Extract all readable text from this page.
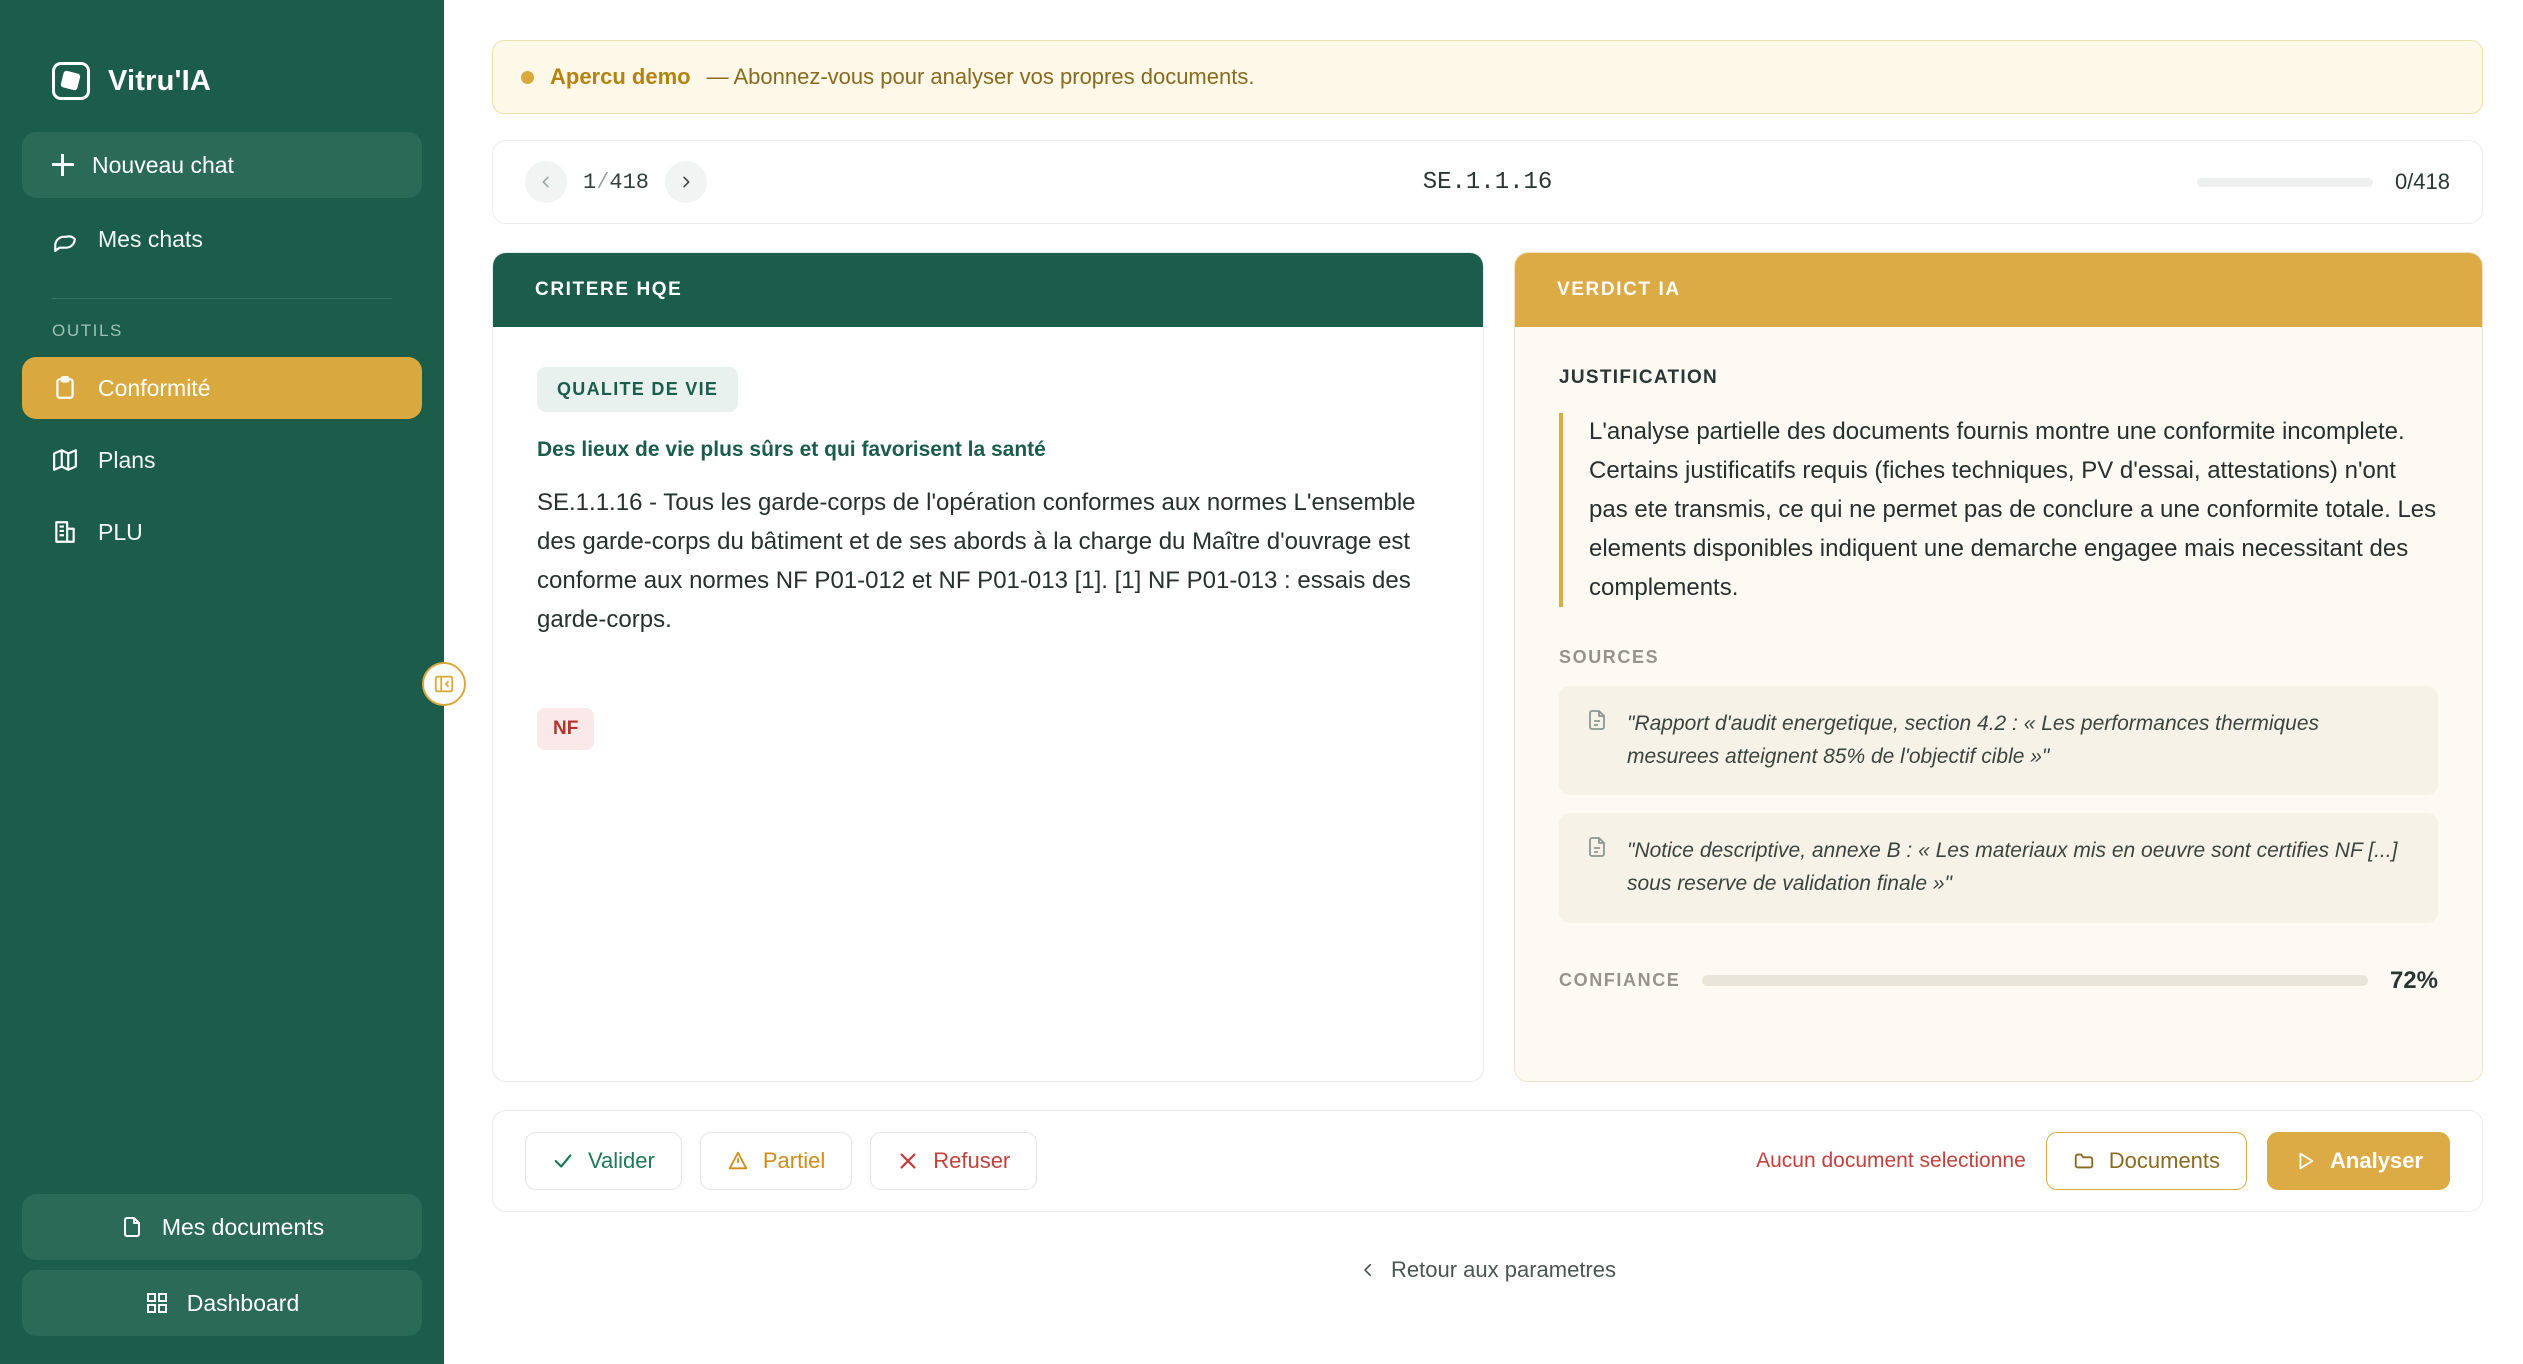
Vitru'IA
Nouveau chat
Mes chats
OUTILS
Conformité
Plans
PLU
Mes documents
Dashboard
Apercu demo — Abonnez-vous pour analyser vos propres documents.
1/418	SE.1.1.16	0/418
CRITERE HQE
QUALITE DE VIE
Des lieux de vie plus sûrs et qui favorisent la santé

SE.1.1.16 - Tous les garde-corps de l'opération conformes aux normes L'ensemble des garde-corps du bâtiment et de ses abords à la charge du Maître d'ouvrage est conforme aux normes NF P01-012 et NF P01-013 [1]. [1] NF P01-013 : essais des garde-corps.

NF
VERDICT IA
JUSTIFICATION

L'analyse partielle des documents fournis montre une conformite incomplete. Certains justificatifs requis (fiches techniques, PV d'essai, attestations) n'ont pas ete transmis, ce qui ne permet pas de conclure a une conformite totale. Les elements disponibles indiquent une demarche engagee mais necessitant des complements.

SOURCES
"Rapport d'audit energetique, section 4.2 : « Les performances thermiques mesurees atteignent 85% de l'objectif cible »"
"Notice descriptive, annexe B : « Les materiaux mis en oeuvre sont certifies NF [...] sous reserve de validation finale »"
CONFIANCE	72%
Valider	Partiel	Refuser	Aucun document selectionne	Documents	Analyser
Retour aux parametres
